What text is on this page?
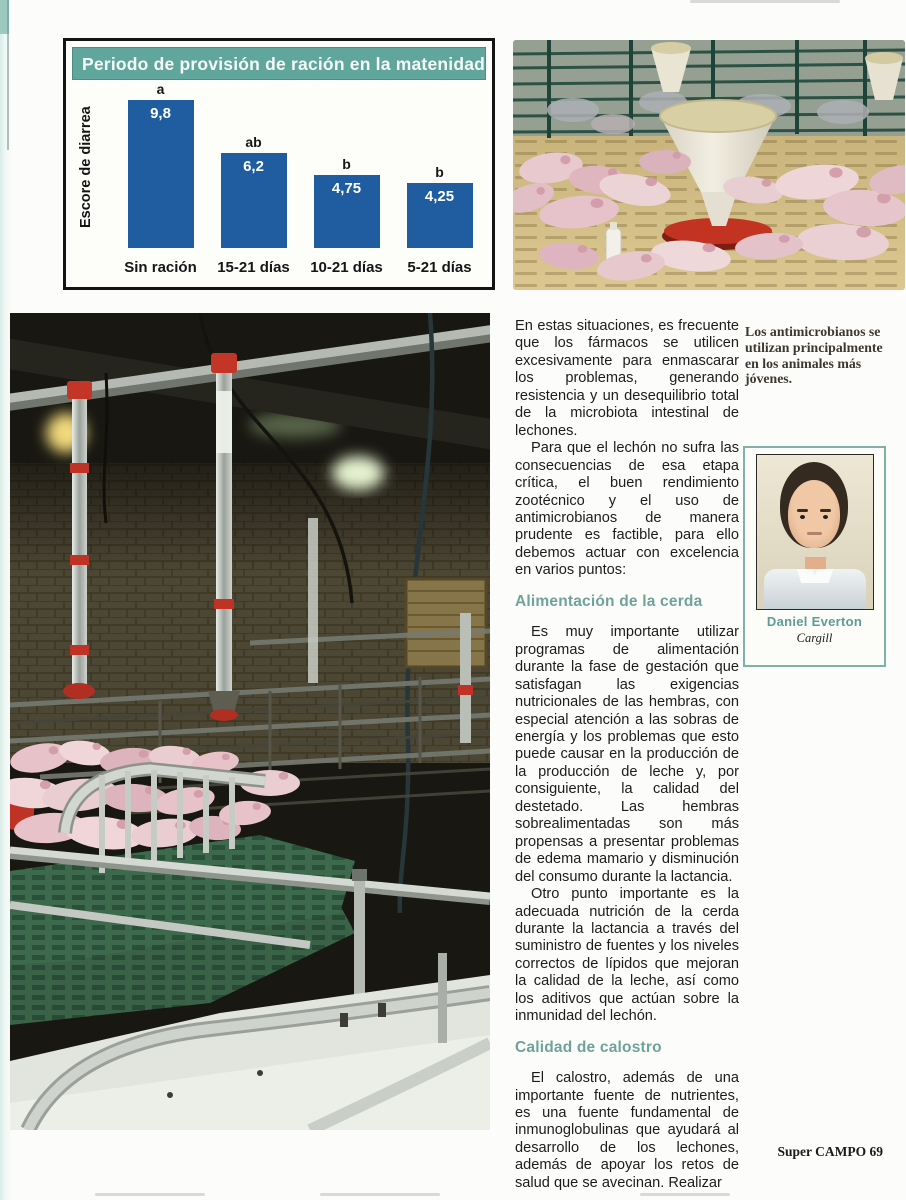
Periodo de provisión de ración en la matenidad
Escore de diarrea
a
9,8
ab
6,2	b
4,75
b
4,25
Sin ración	15-21 días	10-21 días	5-21 días

En estas situaciones, es frecuente que los fármacos se utilicen excesivamente para enmascarar los problemas, generando resistencia y un desequilibrio total de la microbiota intestinal de lechones.

Para que el lechón no sufra las consecuencias de esa etapa crítica, el buen rendimiento zootécnico y el uso de antimicrobianos de manera prudente es factible, para ello debemos actuar con excelencia en varios puntos:

Alimentación de la cerda

Es muy importante utilizar programas de alimentación durante la fase de gestación que satisfagan las exigencias nutricionales de las hembras, con especial atención a las sobras de energía y los problemas que esto puede causar en la producción de la producción de leche y, por consiguiente, la calidad del destetado. Las hembras sobrealimentadas son más propensas a presentar problemas de edema mamario y disminución del consumo durante la lactancia.

Otro punto importante es la adecuada nutrición de la cerda durante la lactancia a través del suministro de fuentes y los niveles correctos de lípidos que mejoran la calidad de la leche, así como los aditivos que actúan sobre la inmunidad del lechón.

Calidad de calostro

El calostro, además de una importante fuente de nutrientes, es una fuente fundamental de inmunoglobulinas que ayudará al desarrollo de los lechones, además de apoyar los retos de salud que se avecinan. Realizar

Los antimicrobianos se utilizan principalmente en los animales más jóvenes.
Daniel Everton
Cargill
Super CAMPO 69
